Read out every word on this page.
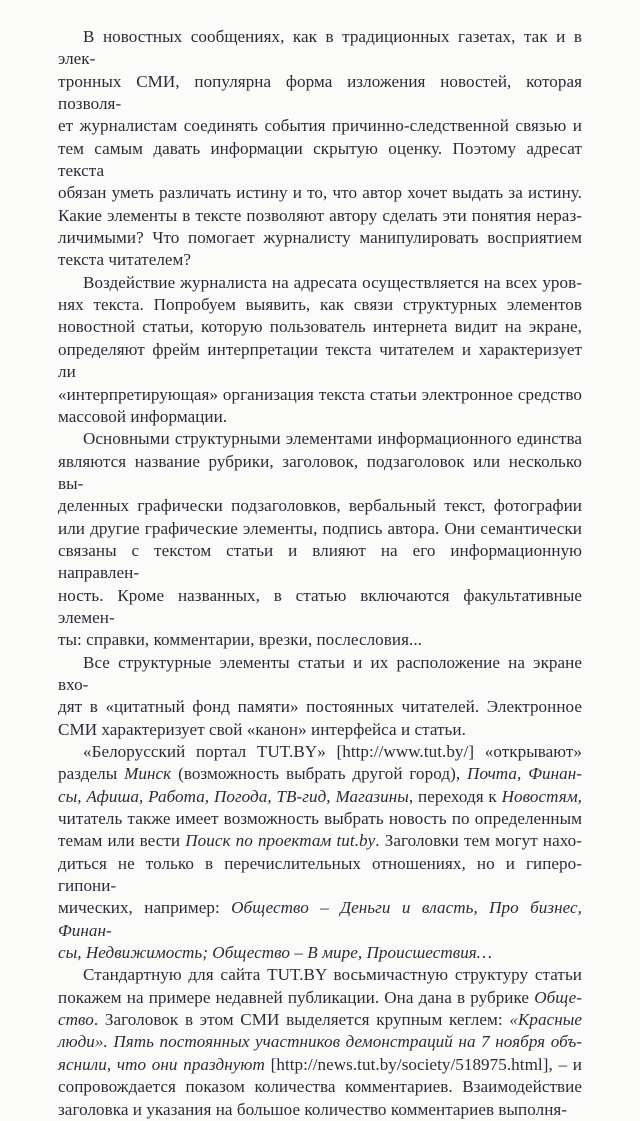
В новостных сообщениях, как в традиционных газетах, так и в элек-
тронных СМИ, популярна форма изложения новостей, которая позволя-
ет журналистам соединять события причинно-следственной связью и
тем самым давать информации скрытую оценку. Поэтому адресат текста
обязан уметь различать истину и то, что автор хочет выдать за истину.
Какие элементы в тексте позволяют автору сделать эти понятия нераз-
личимыми? Что помогает журналисту манипулировать восприятием
текста читателем?

Воздействие журналиста на адресата осуществляется на всех уров-
нях текста. Попробуем выявить, как связи структурных элементов
новостной статьи, которую пользователь интернета видит на экране,
определяют фрейм интерпретации текста читателем и характеризует ли
«интерпретирующая» организация текста статьи электронное средство
массовой информации.

Основными структурными элементами информационного единства
являются название рубрики, заголовок, подзаголовок или несколько вы-
деленных графически подзаголовков, вербальный текст, фотографии
или другие графические элементы, подпись автора. Они семантически
связаны с текстом статьи и влияют на его информационную направлен-
ность. Кроме названных, в статью включаются факультативные элемен-
ты: справки, комментарии, врезки, послесловия...

Все структурные элементы статьи и их расположение на экране вхо-
дят в «цитатный фонд памяти» постоянных читателей. Электронное
СМИ характеризует свой «канон» интерфейса и статьи.

«Белорусский портал TUT.BY» [http://www.tut.by/] «открывают»
разделы Минск (возможность выбрать другой город), Почта, Финан-
сы, Афиша, Работа, Погода, ТВ-гид, Магазины, переходя к Новостям,
читатель также имеет возможность выбрать новость по определенным
темам или вести Поиск по проектам tut.by. Заголовки тем могут нахо-
диться не только в перечислительных отношениях, но и гиперо-гипони-
мических, например: Общество – Деньги и власть, Про бизнес, Финан-
сы, Недвижимость; Общество – В мире, Происшествия…

Стандартную для сайта TUT.BY восьмичастную структуру статьи
покажем на примере недавней публикации. Она дана в рубрике Обще-
ство. Заголовок в этом СМИ выделяется крупным кеглем: «Красные
люди». Пять постоянных участников демонстраций на 7 ноября объ-
яснили, что они празднуют [http://news.tut.by/society/518975.html], – и
сопровождается показом количества комментариев. Взаимодействие
заголовка и указания на большое количество комментариев выполня-
